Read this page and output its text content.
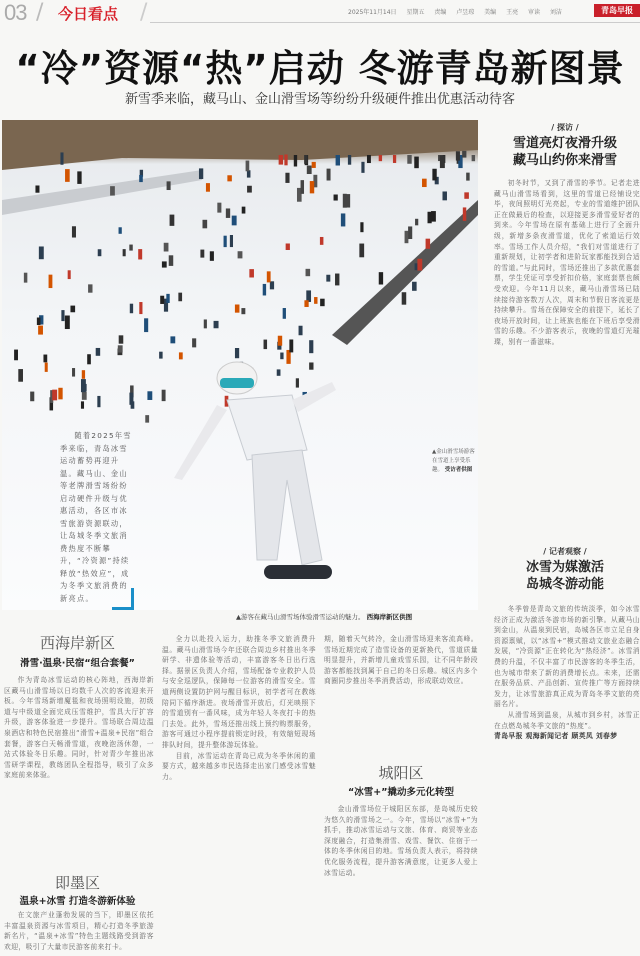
03 / 今日看点 /	2025年11月14日 星期五 责编 卢昱琼 美编 王亮 审读 刘洁	青岛早报
“冷”资源“热”启动 冬游青岛新图景
新雪季来临，藏马山、金山滑雪场等纷纷升级硬件推出优惠活动待客
随着2025年雪季来临，青岛冰雪运动蓄势再迎升温。藏马山、金山等老牌滑雪场纷纷启动硬件升级与优惠活动，各区市冰雪旅游资源联动，让岛城冬季文旅消费热度不断攀升，“冷资源”持续释放“热效应”，成为冬季文旅消费的新亮点。
▲金山滑雪场游客在雪道上享受乐趣。 受访者供图
▲游客在藏马山滑雪场体验滑雪运动的魅力。 西海岸新区供图
西海岸新区
滑雪·温泉·民宿“组合套餐”

作为青岛冰雪运动的核心阵地，西海岸新区藏马山滑雪场以日均数千人次的客流迎来开板。今年雪场新增魔毯和夜场照明设施，初级道与中级道全面完成压雪维护，雪具大厅扩容升级，游客体验进一步提升。雪场联合周边温泉酒店和特色民宿推出“滑雪+温泉+民宿”组合套餐，游客白天畅滑雪道，夜晚泡汤休憩，一站式体验冬日乐趣。同时，针对青少年推出冰雪研学课程，教练团队全程指导，吸引了众多家庭前来体验。

即墨区
温泉+冰雪 打造冬游新体验

在文旅产业蓬勃发展的当下，即墨区依托丰富温泉资源与冰雪项目，精心打造冬季旅游新名片，“温泉+冰雪”特色主题线路受到游客欢迎，吸引了大量市民游客前来打卡。

全力以赴投入运力，助推冬季文旅消费升温。藏马山滑雪场今年还联合周边乡村推出冬季研学、非遗体验等活动，丰富游客冬日出行选择。据景区负责人介绍，雪场配备专业救护人员与安全巡逻队，保障每一位游客的滑雪安全。雪道两侧设置防护网与醒目标识，初学者可在教练陪同下循序渐进。夜场滑雪开放后，灯光映照下的雪道别有一番风味，成为年轻人冬夜打卡的热门去处。此外，雪场还推出线上预约购票服务，游客可通过小程序提前锁定时段，有效缩短现场排队时间，提升整体游玩体验。

目前，冰雪运动在青岛已成为冬季休闲的重要方式，越来越多市民选择走出家门感受冰雪魅力。

期，随着天气转冷，金山滑雪场迎来客流高峰。雪场近期完成了造雪设备的更新换代，雪道质量明显提升，并新增儿童戏雪乐园，让不同年龄段游客都能找到属于自己的冬日乐趣。城区内多个商圈同步推出冬季消费活动，形成联动效应。

城阳区
“冰雪+”撬动多元化转型

金山滑雪场位于城阳区东部，是岛城历史较为悠久的滑雪场之一。今年，雪场以“冰雪+”为抓手，推动冰雪运动与文旅、体育、商贸等业态深度融合，打造集滑雪、戏雪、餐饮、住宿于一体的冬季休闲目的地。雪场负责人表示，将持续优化服务流程，提升游客满意度，让更多人爱上冰雪运动。

/ 探访 /
雪道亮灯夜滑升级
藏马山约你来滑雪

初冬时节，又到了滑雪的季节。记者走进藏马山滑雪场看到，这里的雪道已经铺设完毕，夜间照明灯光亮起，专业的雪道维护团队正在做最后的检查，以迎接更多滑雪爱好者的到来。今年雪场在原有基础上进行了全面升级，新增多条夜滑雪道，优化了索道运行效率。雪场工作人员介绍，“我们对雪道进行了重新规划，让初学者和进阶玩家都能找到合适的雪道。”与此同时，雪场还推出了多款优惠套票，学生凭证可享受折扣价格，家庭套票也颇受欢迎。今年11月以来，藏马山滑雪场已陆续接待游客数万人次，周末和节假日客流更是持续攀升。雪场在保障安全的前提下，延长了夜场开放时间，让上班族也能在下班后享受滑雪的乐趣。不少游客表示，夜晚的雪道灯光璀璨，别有一番滋味。

/ 记者观察 /
冰雪为媒激活
岛城冬游动能

冬季曾是青岛文旅的传统淡季，如今冰雪经济正成为激活冬游市场的新引擎。从藏马山到金山，从温泉到民宿，岛城各区市立足自身资源禀赋，以“冰雪+”模式推动文旅业态融合发展，“冷资源”正在转化为“热经济”。冰雪消费的升温，不仅丰富了市民游客的冬季生活，也为城市带来了新的消费增长点。未来，还需在服务品质、产品创新、宣传推广等方面持续发力，让冰雪旅游真正成为青岛冬季文旅的亮丽名片。

从滑雪场到温泉，从城市到乡村，冰雪正在点燃岛城冬季文旅的“热度”。

青岛早报 观海新闻记者 顾英凤 刘春梦
